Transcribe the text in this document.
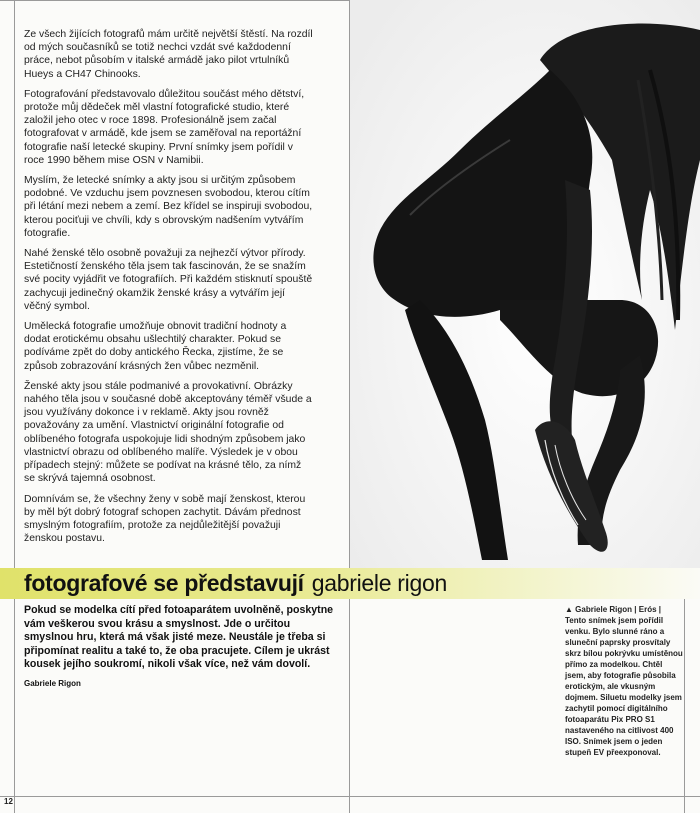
Ze všech žijících fotografů mám určitě největší štěstí. Na rozdíl od mých současníků se totiž nechci vzdát své každodenní práce, nebot působím v italské armádě jako pilot vrtulníků Hueys a CH47 Chinooks.

Fotografování představovalo důležitou součást mého dětství, protože můj dědeček měl vlastní fotografické studio, které založil jeho otec v roce 1898. Profesionálně jsem začal fotografovat v armádě, kde jsem se zaměřoval na reportážní fotografie naší letecké skupiny. První snímky jsem pořídil v roce 1990 během mise OSN v Namibii.

Myslím, že letecké snímky a akty jsou si určitým způsobem podobné. Ve vzduchu jsem povznesen svobodou, kterou cítím při létání mezi nebem a zemí. Bez křídel se inspiruji svobodou, kterou pociťuji ve chvíli, kdy s obrovským nadšením vytvářím fotografie.

Nahé ženské tělo osobně považuji za nejhezčí výtvor přírody. Estetičností ženského těla jsem tak fascinován, že se snažím své pocity vyjádřit ve fotografiích. Při každém stisknutí spouště zachycuji jedinečný okamžik ženské krásy a vytvářím její věčný symbol.

Umělecká fotografie umožňuje obnovit tradiční hodnoty a dodat erotickému obsahu ušlechtilý charakter. Pokud se podíváme zpět do doby antického Řecka, zjistíme, že se způsob zobrazování krásných žen vůbec nezměnil.

Ženské akty jsou stále podmanivé a provokativní. Obrázky nahého těla jsou v současné době akceptovány téměř všude a jsou využívány dokonce i v reklamě. Akty jsou rovněž považovány za umění. Vlastnictví originální fotografie od oblíbeného fotografa uspokojuje lidi shodným způsobem jako vlastnictví obrazu od oblíbeného malíře. Výsledek je v obou případech stejný: můžete se podívat na krásné tělo, za nímž se skrývá tajemná osobnost.

Domnívám se, že všechny ženy v sobě mají ženskost, kterou by měl být dobrý fotograf schopen zachytit. Dávám přednost smyslným fotografiím, protože za nejdůležitější považuji ženskou postavu.

fotografové se představují gabriele rigon
Pokud se modelka cítí před fotoaparátem uvolněně, poskytne vám veškerou svou krásu a smyslnost. Jde o určitou smyslnou hru, která má však jisté meze. Neustále je třeba si připomínat realitu a také to, že oba pracujete. Cílem je ukrást kousek jejího soukromí, nikoli však více, než vám dovolí.
Gabriele Rigon
▲ Gabriele Rigon | Erós | Tento snímek jsem pořídil venku. Bylo slunné ráno a sluneční paprsky prosvítaly skrz bílou pokrývku umístěnou přímo za modelkou. Chtěl jsem, aby fotografie působila erotickým, ale vkusným dojmem. Siluetu modelky jsem zachytil pomocí digitálního fotoaparátu Pix PRO S1 nastaveného na citlivost 400 ISO. Snímek jsem o jeden stupeň EV přeexponoval.
12
